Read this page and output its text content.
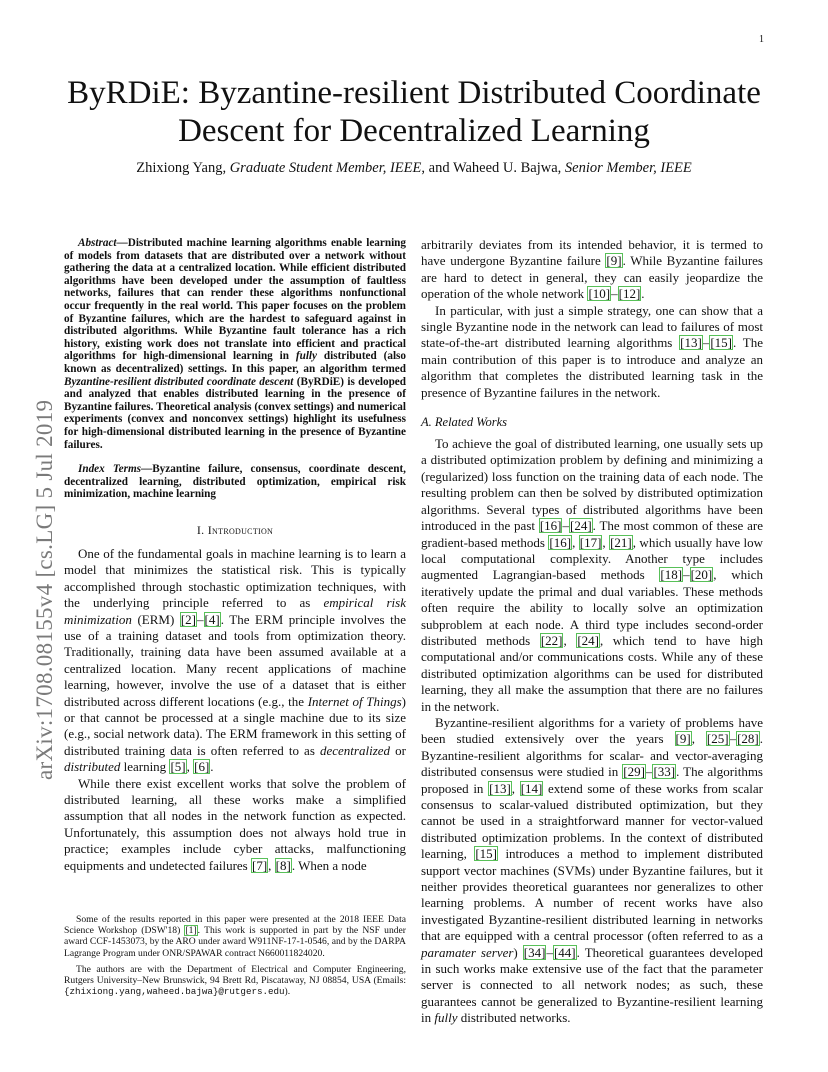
1
arXiv:1708.08155v4 [cs.LG] 5 Jul 2019
ByRDiE: Byzantine-resilient Distributed Coordinate Descent for Decentralized Learning
Zhixiong Yang, Graduate Student Member, IEEE, and Waheed U. Bajwa, Senior Member, IEEE

Abstract—Distributed machine learning algorithms enable learning of models from datasets that are distributed over a network without gathering the data at a centralized location. While efficient distributed algorithms have been developed under the assumption of faultless networks, failures that can render these algorithms nonfunctional occur frequently in the real world. This paper focuses on the problem of Byzantine failures, which are the hardest to safeguard against in distributed algorithms. While Byzantine fault tolerance has a rich history, existing work does not translate into efficient and practical algorithms for high-dimensional learning in fully distributed (also known as decentralized) settings. In this paper, an algorithm termed Byzantine-resilient distributed coordinate descent (ByRDiE) is developed and analyzed that enables distributed learning in the presence of Byzantine failures. Theoretical analysis (convex settings) and numerical experiments (convex and nonconvex settings) highlight its usefulness for high-dimensional distributed learning in the presence of Byzantine failures.

Index Terms—Byzantine failure, consensus, coordinate descent, decentralized learning, distributed optimization, empirical risk minimization, machine learning

I. Introduction

One of the fundamental goals in machine learning is to learn a model that minimizes the statistical risk. This is typically accomplished through stochastic optimization techniques, with the underlying principle referred to as empirical risk minimization (ERM) [2]–[4]. The ERM principle involves the use of a training dataset and tools from optimization theory. Traditionally, training data have been assumed available at a centralized location. Many recent applications of machine learning, however, involve the use of a dataset that is either distributed across different locations (e.g., the Internet of Things) or that cannot be processed at a single machine due to its size (e.g., social network data). The ERM framework in this setting of distributed training data is often referred to as decentralized or distributed learning [5], [6].

While there exist excellent works that solve the problem of distributed learning, all these works make a simplified assumption that all nodes in the network function as expected. Unfortunately, this assumption does not always hold true in practice; examples include cyber attacks, malfunctioning equipments and undetected failures [7], [8]. When a node

Some of the results reported in this paper were presented at the 2018 IEEE Data Science Workshop (DSW'18) [1]. This work is supported in part by the NSF under award CCF-1453073, by the ARO under award W911NF-17-1-0546, and by the DARPA Lagrange Program under ONR/SPAWAR contract N660011824020.

The authors are with the Department of Electrical and Computer Engineering, Rutgers University–New Brunswick, 94 Brett Rd, Piscataway, NJ 08854, USA (Emails: {zhixiong.yang,waheed.bajwa}@rutgers.edu).

arbitrarily deviates from its intended behavior, it is termed to have undergone Byzantine failure [9]. While Byzantine failures are hard to detect in general, they can easily jeopardize the operation of the whole network [10]–[12].

In particular, with just a simple strategy, one can show that a single Byzantine node in the network can lead to failures of most state-of-the-art distributed learning algorithms [13]–[15]. The main contribution of this paper is to introduce and analyze an algorithm that completes the distributed learning task in the presence of Byzantine failures in the network.

A. Related Works

To achieve the goal of distributed learning, one usually sets up a distributed optimization problem by defining and minimizing a (regularized) loss function on the training data of each node. The resulting problem can then be solved by distributed optimization algorithms. Several types of distributed algorithms have been introduced in the past [16]–[24]. The most common of these are gradient-based methods [16], [17], [21], which usually have low local computational complexity. Another type includes augmented Lagrangian-based methods [18]–[20], which iteratively update the primal and dual variables. These methods often require the ability to locally solve an optimization subproblem at each node. A third type includes second-order distributed methods [22], [24], which tend to have high computational and/or communications costs. While any of these distributed optimization algorithms can be used for distributed learning, they all make the assumption that there are no failures in the network.

Byzantine-resilient algorithms for a variety of problems have been studied extensively over the years [9], [25]–[28]. Byzantine-resilient algorithms for scalar- and vector-averaging distributed consensus were studied in [29]–[33]. The algorithms proposed in [13], [14] extend some of these works from scalar consensus to scalar-valued distributed optimization, but they cannot be used in a straightforward manner for vector-valued distributed optimization problems. In the context of distributed learning, [15] introduces a method to implement distributed support vector machines (SVMs) under Byzantine failures, but it neither provides theoretical guarantees nor generalizes to other learning problems. A number of recent works have also investigated Byzantine-resilient distributed learning in networks that are equipped with a central processor (often referred to as a paramater server) [34]–[44]. Theoretical guarantees developed in such works make extensive use of the fact that the parameter server is connected to all network nodes; as such, these guarantees cannot be generalized to Byzantine-resilient learning in fully distributed networks.
